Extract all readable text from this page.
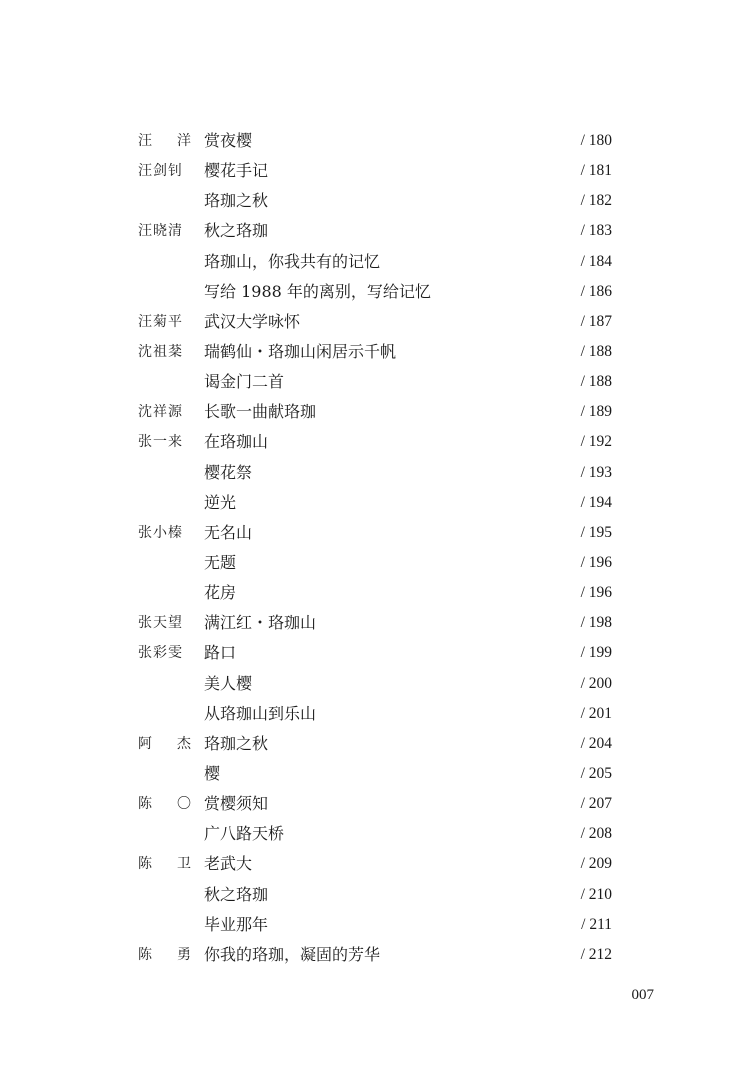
汪 洋 赏夜樱	/ 180
汪剑钊	樱花手记	/ 181
珞珈之秋	/ 182
汪晓清	秋之珞珈	/ 183
珞珈山，你我共有的记忆	/ 184
写给 1988 年的离别，写给记忆	/ 186
汪菊平	武汉大学咏怀	/ 187
沈祖棻	瑞鹤仙・珞珈山闲居示千帆	/ 188
谒金门二首	/ 188
沈祥源	长歌一曲献珞珈	/ 189
张一来	在珞珈山	/ 192
樱花祭	/ 193
逆光	/ 194
张小榛	无名山	/ 195
无题	/ 196
花房	/ 196
张天望	满江红・珞珈山	/ 198
张彩雯	路口	/ 199
美人樱	/ 200
从珞珈山到乐山	/ 201
阿 杰 珞珈之秋	/ 204
樱	/ 205
陈 〇 赏樱须知	/ 207
广八路天桥	/ 208
陈 卫 老武大	/ 209
秋之珞珈	/ 210
毕业那年	/ 211
陈 勇 你我的珞珈，凝固的芳华	/ 212
007
